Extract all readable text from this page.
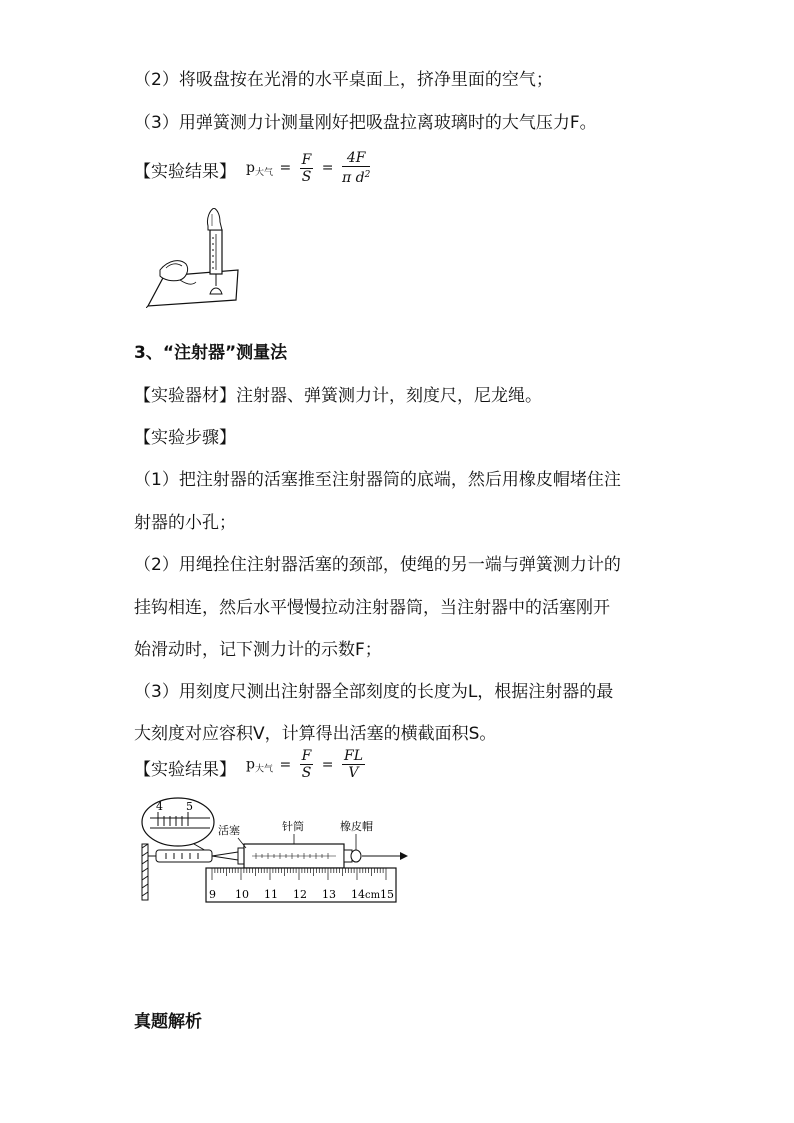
（2）将吸盘按在光滑的水平桌面上，挤净里面的空气；
（3）用弹簧测力计测量刚好把吸盘拉离玻璃时的大气压力F。
【实验结果】 $p_{大气} = \frac{F}{S} = \frac{4F}{\pi d^2}$
3、“注射器”测量法
【实验器材】注射器、弹簧测力计，刻度尺，尼龙绳。
【实验步骤】
（1）把注射器的活塞推至注射器筒的底端，然后用橡皮帽堵住注
射器的小孔；
（2）用绳拴住注射器活塞的颈部，使绳的另一端与弹簧测力计的
挂钩相连，然后水平慢慢拉动注射器筒，当注射器中的活塞刚开
始滑动时，记下测力计的示数F；
（3）用刻度尺测出注射器全部刻度的长度为L，根据注射器的最
大刻度对应容积V，计算得出活塞的横截面积S。
【实验结果】 $p_{大气} = \frac{F}{S} = \frac{FL}{V}$
4 5
活塞	针筒	橡皮帽
9 10 11 12 13 14 cm 15
真题解析
